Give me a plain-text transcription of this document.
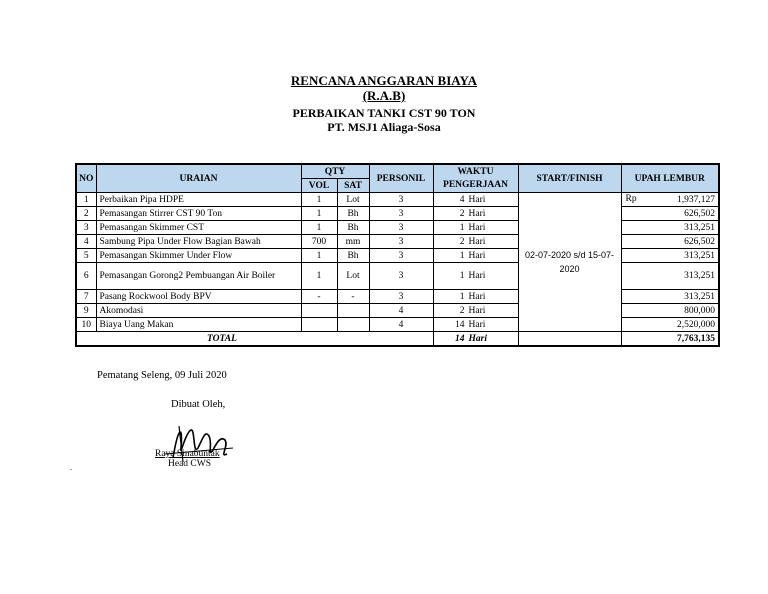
RENCANA ANGGARAN BIAYA
(R.A.B)
PERBAIKAN TANKI CST 90 TON
PT. MSJ1 Aliaga-Sosa
NO	URAIAN	QTY		PERSONIL	WAKTU PENGERJAAN	START/FINISH	UPAH LEMBUR
		VOL	SAT				
1	Perbaikan Pipa HDPE	1	Lot	3	4 Hari	02-07-2020 s/d 15-07-2020	Rp 1,937,127
2	Pemasangan Stirrer CST 90 Ton	1	Bh	3	2 Hari		626,502
3	Pemasangan Skimmer CST	1	Bh	3	1 Hari		313,251
4	Sambung Pipa Under Flow Bagian Bawah	700	mm	3	2 Hari		626,502
5	Pemasangan Skimmer Under Flow	1	Bh	3	1 Hari		313,251
6	Pemasangan Gorong2 Pembuangan Air Boiler	1	Lot	3	1 Hari		313,251
7	Pasang Rockwool Body BPV	-	-	3	1 Hari		313,251
9	Akomodasi			4	2 Hari		800,000
10	Biaya Uang Makan			4	14 Hari		2,520,000
TOTAL					14 Hari		7,763,135
Pematang Seleng, 09 Juli 2020
Dibuat Oleh,
Raya Sinabuntak
Head CWS
.
